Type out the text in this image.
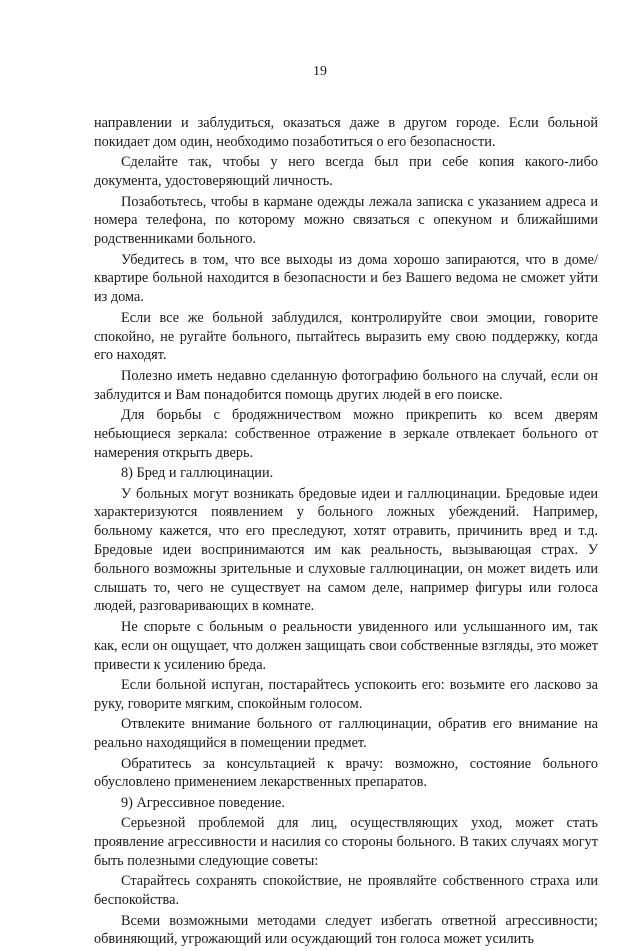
19

направлении и заблудиться, оказаться даже в другом городе. Если больной покидает дом один, необходимо позаботиться о его безопасности.

Сделайте так, чтобы у него всегда был при себе копия какого-либо документа, удостоверяющий личность.

Позаботьтесь, чтобы в кармане одежды лежала записка с указанием адреса и номера телефона, по которому можно связаться с опекуном и ближайшими родственниками больного.

Убедитесь в том, что все выходы из дома хорошо запираются, что в доме/квартире больной находится в безопасности и без Вашего ведома не сможет уйти из дома.

Если все же больной заблудился, контролируйте свои эмоции, говорите спокойно, не ругайте больного, пытайтесь выразить ему свою поддержку, когда его находят.

Полезно иметь недавно сделанную фотографию больного на случай, если он заблудится и Вам понадобится помощь других людей в его поиске.

Для борьбы с бродяжничеством можно прикрепить ко всем дверям небьющиеся зеркала: собственное отражение в зеркале отвлекает больного от намерения открыть дверь.

8) Бред и галлюцинации.

У больных могут возникать бредовые идеи и галлюцинации. Бредовые идеи характеризуются появлением у больного ложных убеждений. Например, больному кажется, что его преследуют, хотят отравить, причинить вред и т.д. Бредовые идеи воспринимаются им как реальность, вызывающая страх. У больного возможны зрительные и слуховые галлюцинации, он может видеть или слышать то, чего не существует на самом деле, например фигуры или голоса людей, разговаривающих в комнате.

Не спорьте с больным о реальности увиденного или услышанного им, так как, если он ощущает, что должен защищать свои собственные взгляды, это может привести к усилению бреда.

Если больной испуган, постарайтесь успокоить его: возьмите его ласково за руку, говорите мягким, спокойным голосом.

Отвлеките внимание больного от галлюцинации, обратив его внимание на реально находящийся в помещении предмет.

Обратитесь за консультацией к врачу: возможно, состояние больного обусловлено применением лекарственных препаратов.

9) Агрессивное поведение.

Серьезной проблемой для лиц, осуществляющих уход, может стать проявление агрессивности и насилия со стороны больного. В таких случаях могут быть полезными следующие советы:

Старайтесь сохранять спокойствие, не проявляйте собственного страха или беспокойства.

Всеми возможными методами следует избегать ответной агрессивности; обвиняющий, угрожающий или осуждающий тон голоса может усилить
